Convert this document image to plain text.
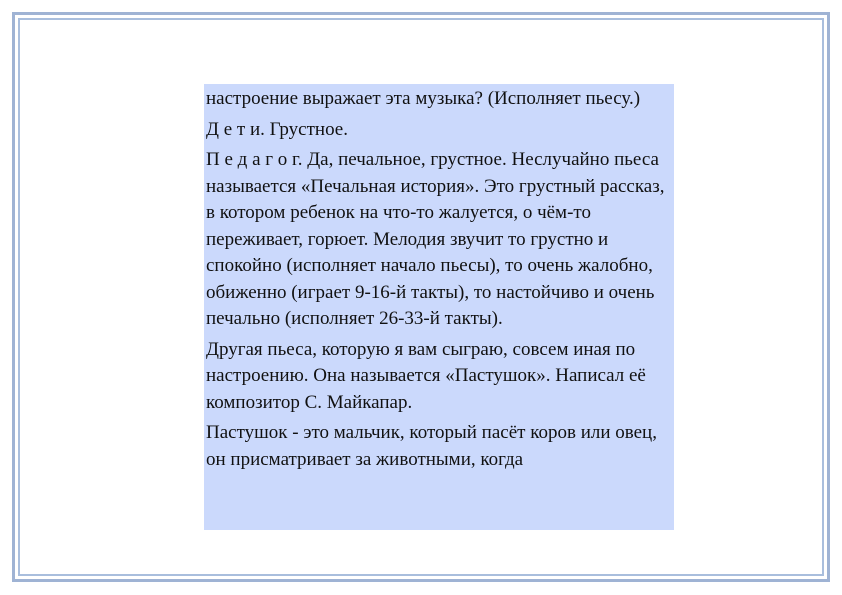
настроение выражает эта музыка? (Исполняет пьесу.)

Д е т и. Грустное.

П е д а г о г. Да, печальное, грустное. Неслучайно пьеса называется «Печальная история». Это грустный рассказ, в котором ребенок на что-то жалуется, о чём-то переживает, горюет. Мелодия звучит то грустно и спокойно (исполняет начало пьесы), то очень жалобно, обиженно (играет 9-16-й такты), то настойчиво и очень печально (исполняет 26-33-й такты).

Другая пьеса, которую я вам сыграю, совсем иная по настроению. Она называется «Пастушок». Написал её композитор С. Майкапар.

Пастушок - это мальчик, который пасёт коров или овец, он присматривает за животными, когда
